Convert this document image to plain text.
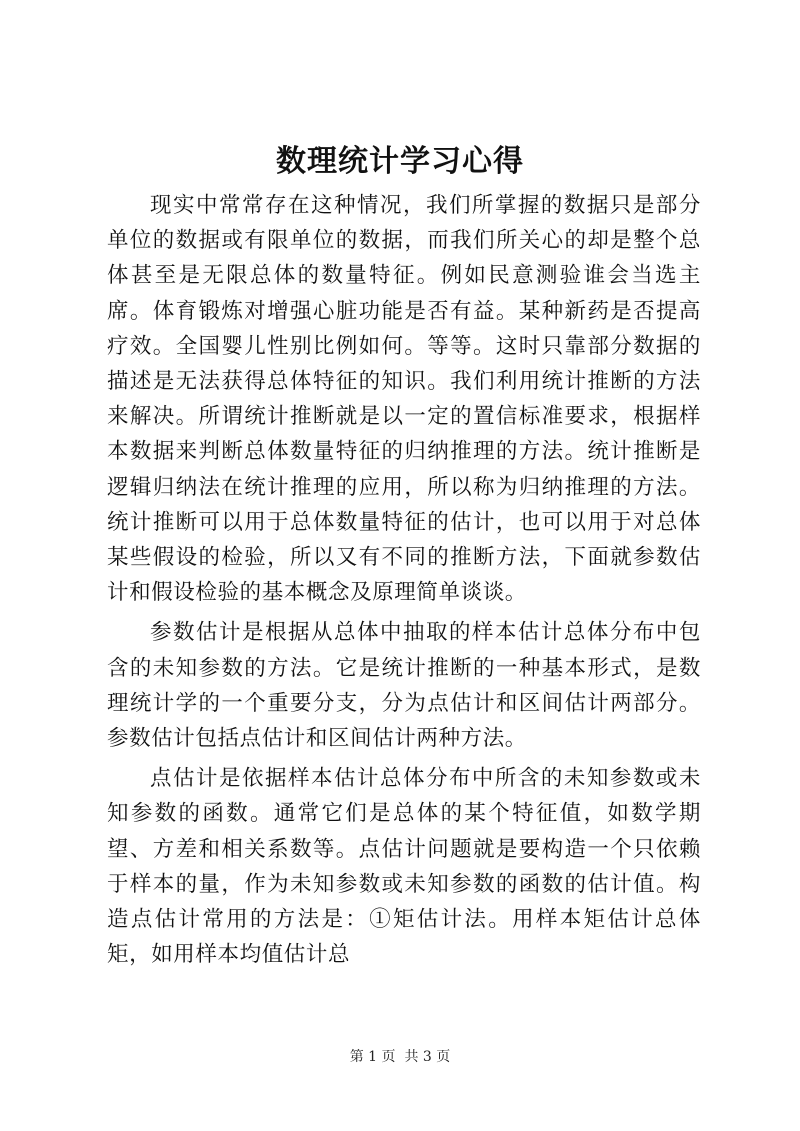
数理统计学习心得

现实中常常存在这种情况，我们所掌握的数据只是部分单位的数据或有限单位的数据，而我们所关心的却是整个总体甚至是无限总体的数量特征。例如民意测验谁会当选主席。体育锻炼对增强心脏功能是否有益。某种新药是否提高疗效。全国婴儿性别比例如何。等等。这时只靠部分数据的描述是无法获得总体特征的知识。我们利用统计推断的方法来解决。所谓统计推断就是以一定的置信标准要求，根据样本数据来判断总体数量特征的归纳推理的方法。统计推断是逻辑归纳法在统计推理的应用，所以称为归纳推理的方法。统计推断可以用于总体数量特征的估计，也可以用于对总体某些假设的检验，所以又有不同的推断方法，下面就参数估计和假设检验的基本概念及原理简单谈谈。

参数估计是根据从总体中抽取的样本估计总体分布中包含的未知参数的方法。它是统计推断的一种基本形式，是数理统计学的一个重要分支，分为点估计和区间估计两部分。参数估计包括点估计和区间估计两种方法。

点估计是依据样本估计总体分布中所含的未知参数或未知参数的函数。通常它们是总体的某个特征值，如数学期望、方差和相关系数等。点估计问题就是要构造一个只依赖于样本的量，作为未知参数或未知参数的函数的估计值。构造点估计常用的方法是：①矩估计法。用样本矩估计总体矩，如用样本均值估计总

第 1 页 共 3 页
